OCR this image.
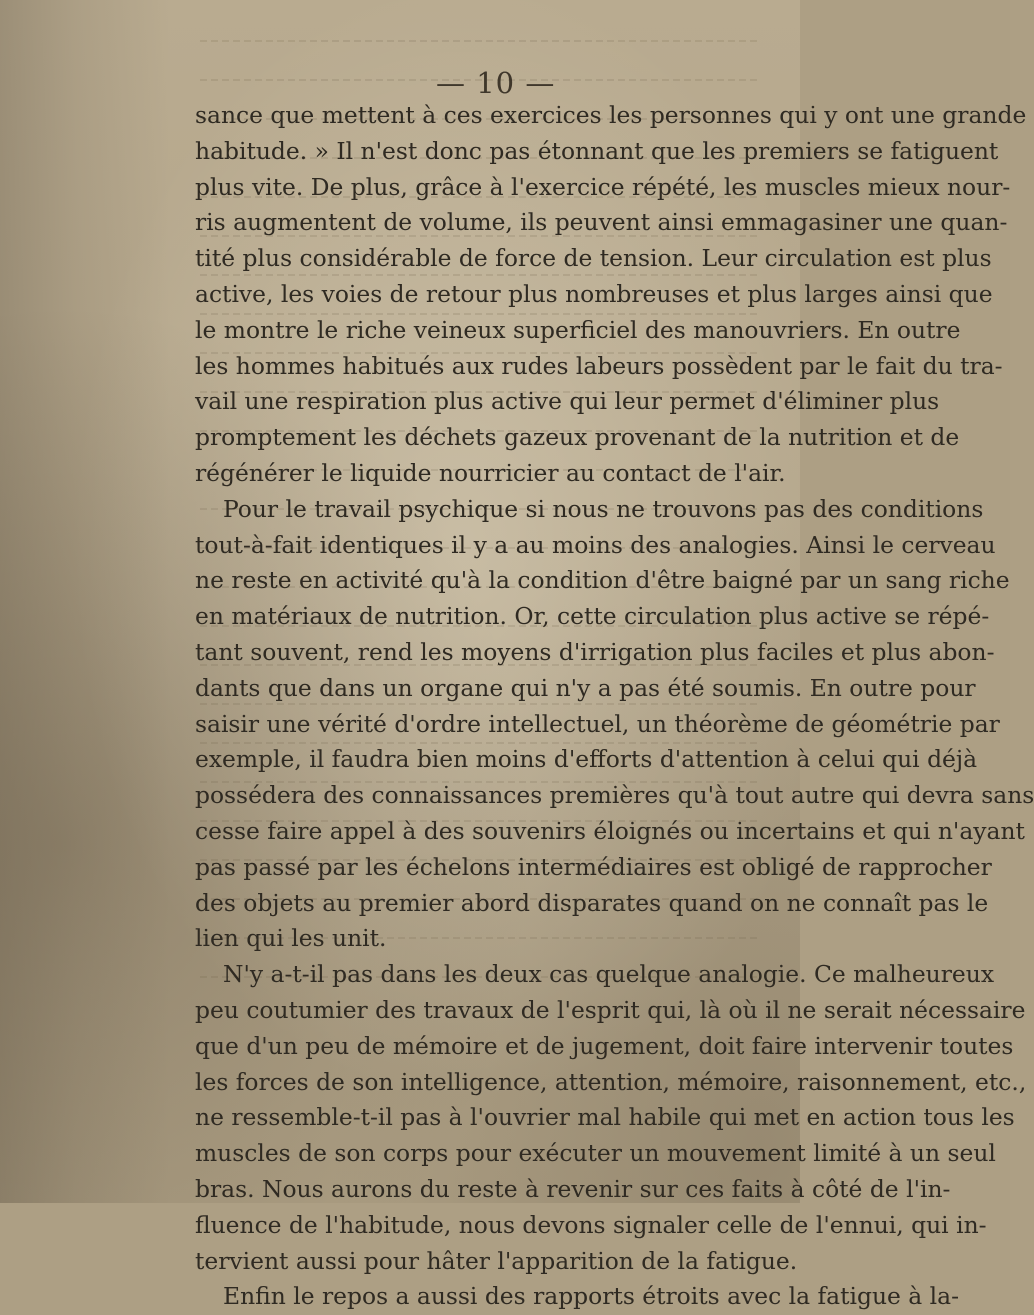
— 10 —
sance que mettent à ces exercices les personnes qui y ont une grande
habitude. » Il n'est donc pas étonnant que les premiers se fatiguent
plus vite. De plus, grâce à l'exercice répété, les muscles mieux nour-
ris augmentent de volume, ils peuvent ainsi emmagasiner une quan-
tité plus considérable de force de tension. Leur circulation est plus
active, les voies de retour plus nombreuses et plus larges ainsi que
le montre le riche veineux superficiel des manouvriers. En outre
les hommes habitués aux rudes labeurs possèdent par le fait du tra-
vail une respiration plus active qui leur permet d'éliminer plus
promptement les déchets gazeux provenant de la nutrition et de
régénérer le liquide nourricier au contact de l'air.
Pour le travail psychique si nous ne trouvons pas des conditions
tout-à-fait identiques il y a au moins des analogies. Ainsi le cerveau
ne reste en activité qu'à la condition d'être baigné par un sang riche
en matériaux de nutrition. Or, cette circulation plus active se répé-
tant souvent, rend les moyens d'irrigation plus faciles et plus abon-
dants que dans un organe qui n'y a pas été soumis. En outre pour
saisir une vérité d'ordre intellectuel, un théorème de géométrie par
exemple, il faudra bien moins d'efforts d'attention à celui qui déjà
possédera des connaissances premières qu'à tout autre qui devra sans
cesse faire appel à des souvenirs éloignés ou incertains et qui n'ayant
pas passé par les échelons intermédiaires est obligé de rapprocher
des objets au premier abord disparates quand on ne connaît pas le
lien qui les unit.
N'y a-t-il pas dans les deux cas quelque analogie. Ce malheureux
peu coutumier des travaux de l'esprit qui, là où il ne serait nécessaire
que d'un peu de mémoire et de jugement, doit faire intervenir toutes
les forces de son intelligence, attention, mémoire, raisonnement, etc.,
ne ressemble-t-il pas à l'ouvrier mal habile qui met en action tous les
muscles de son corps pour exécuter un mouvement limité à un seul
bras. Nous aurons du reste à revenir sur ces faits à côté de l'in-
fluence de l'habitude, nous devons signaler celle de l'ennui, qui in-
tervient aussi pour hâter l'apparition de la fatigue.
Enfin le repos a aussi des rapports étroits avec la fatigue à la-
